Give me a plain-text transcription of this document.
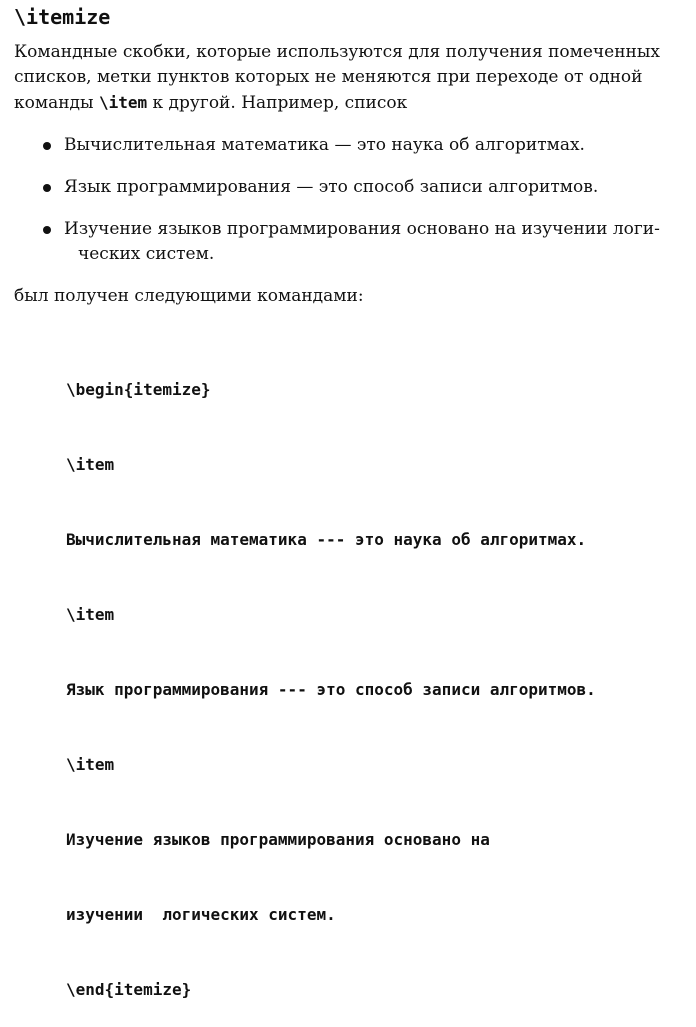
\itemize
Командные скобки, которые используются для получения помеченных
списков, метки пунктов которых не меняются при переходе от одной
команды \item к другой. Например, список
Вычислительная математика — это наука об алгоритмах.
Язык программирования — это способ записи алгоритмов.
Изучение языков программирования основано на изучении логи-
ческих систем.
был получен следующими командами:

\begin{itemize}

\item

Вычислительная математика --- это наука об алгоритмах.

\item

Язык программирования --- это способ записи алгоритмов.

\item

Изучение языков программирования основано на

изучении  логических систем.

\end{itemize}
